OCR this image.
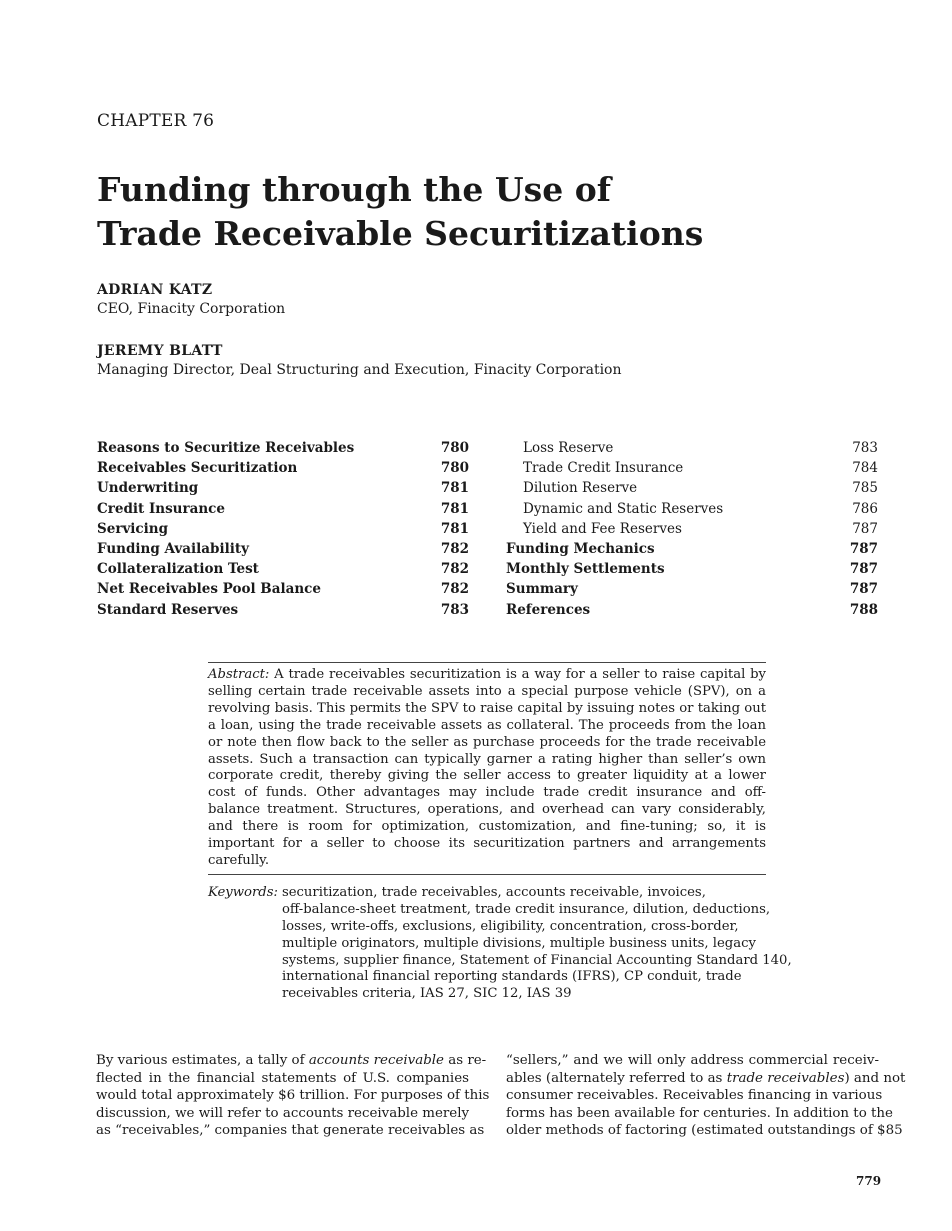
CHAPTER 76
Funding through the Use of
Trade Receivable Securitizations
ADRIAN KATZ
CEO, Finacity Corporation
JEREMY BLATT
Managing Director, Deal Structuring and Execution, Finacity Corporation
Reasons to Securitize Receivables	780
Receivables Securitization	780
Underwriting	781
Credit Insurance	781
Servicing	781
Funding Availability	782
Collateralization Test	782
Net Receivables Pool Balance	782
Standard Reserves	783
Loss Reserve	783
Trade Credit Insurance	784
Dilution Reserve	785
Dynamic and Static Reserves	786
Yield and Fee Reserves	787
Funding Mechanics	787
Monthly Settlements	787
Summary	787
References	788
Abstract: A trade receivables securitization is a way for a seller to raise capital by selling certain trade receivable assets into a special purpose vehicle (SPV), on a revolving basis. This permits the SPV to raise capital by issuing notes or taking out a loan, using the trade receivable assets as collateral. The proceeds from the loan or note then flow back to the seller as purchase proceeds for the trade receivable assets. Such a transaction can typically garner a rating higher than seller’s own corporate credit, thereby giving the seller access to greater liquidity at a lower cost of funds. Other advantages may include trade credit insurance and off-balance treatment. Structures, operations, and overhead can vary considerably, and there is room for optimization, customization, and fine-tuning; so, it is important for a seller to choose its securitization partners and arrangements carefully.
Keywords: securitization, trade receivables, accounts receivable, invoices,
off-balance-sheet treatment, trade credit insurance, dilution, deductions,
losses, write-offs, exclusions, eligibility, concentration, cross-border,
multiple originators, multiple divisions, multiple business units, legacy
systems, supplier finance, Statement of Financial Accounting Standard 140,
international financial reporting standards (IFRS), CP conduit, trade
receivables criteria, IAS 27, SIC 12, IAS 39
By various estimates, a tally of accounts receivable as re-
flected in the financial statements of U.S. companies
would total approximately $6 trillion. For purposes of this
discussion, we will refer to accounts receivable merely
as “receivables,” companies that generate receivables as
“sellers,” and we will only address commercial receiv-
ables (alternately referred to as trade receivables) and not
consumer receivables. Receivables financing in various
forms has been available for centuries. In addition to the
older methods of factoring (estimated outstandings of $85
779
